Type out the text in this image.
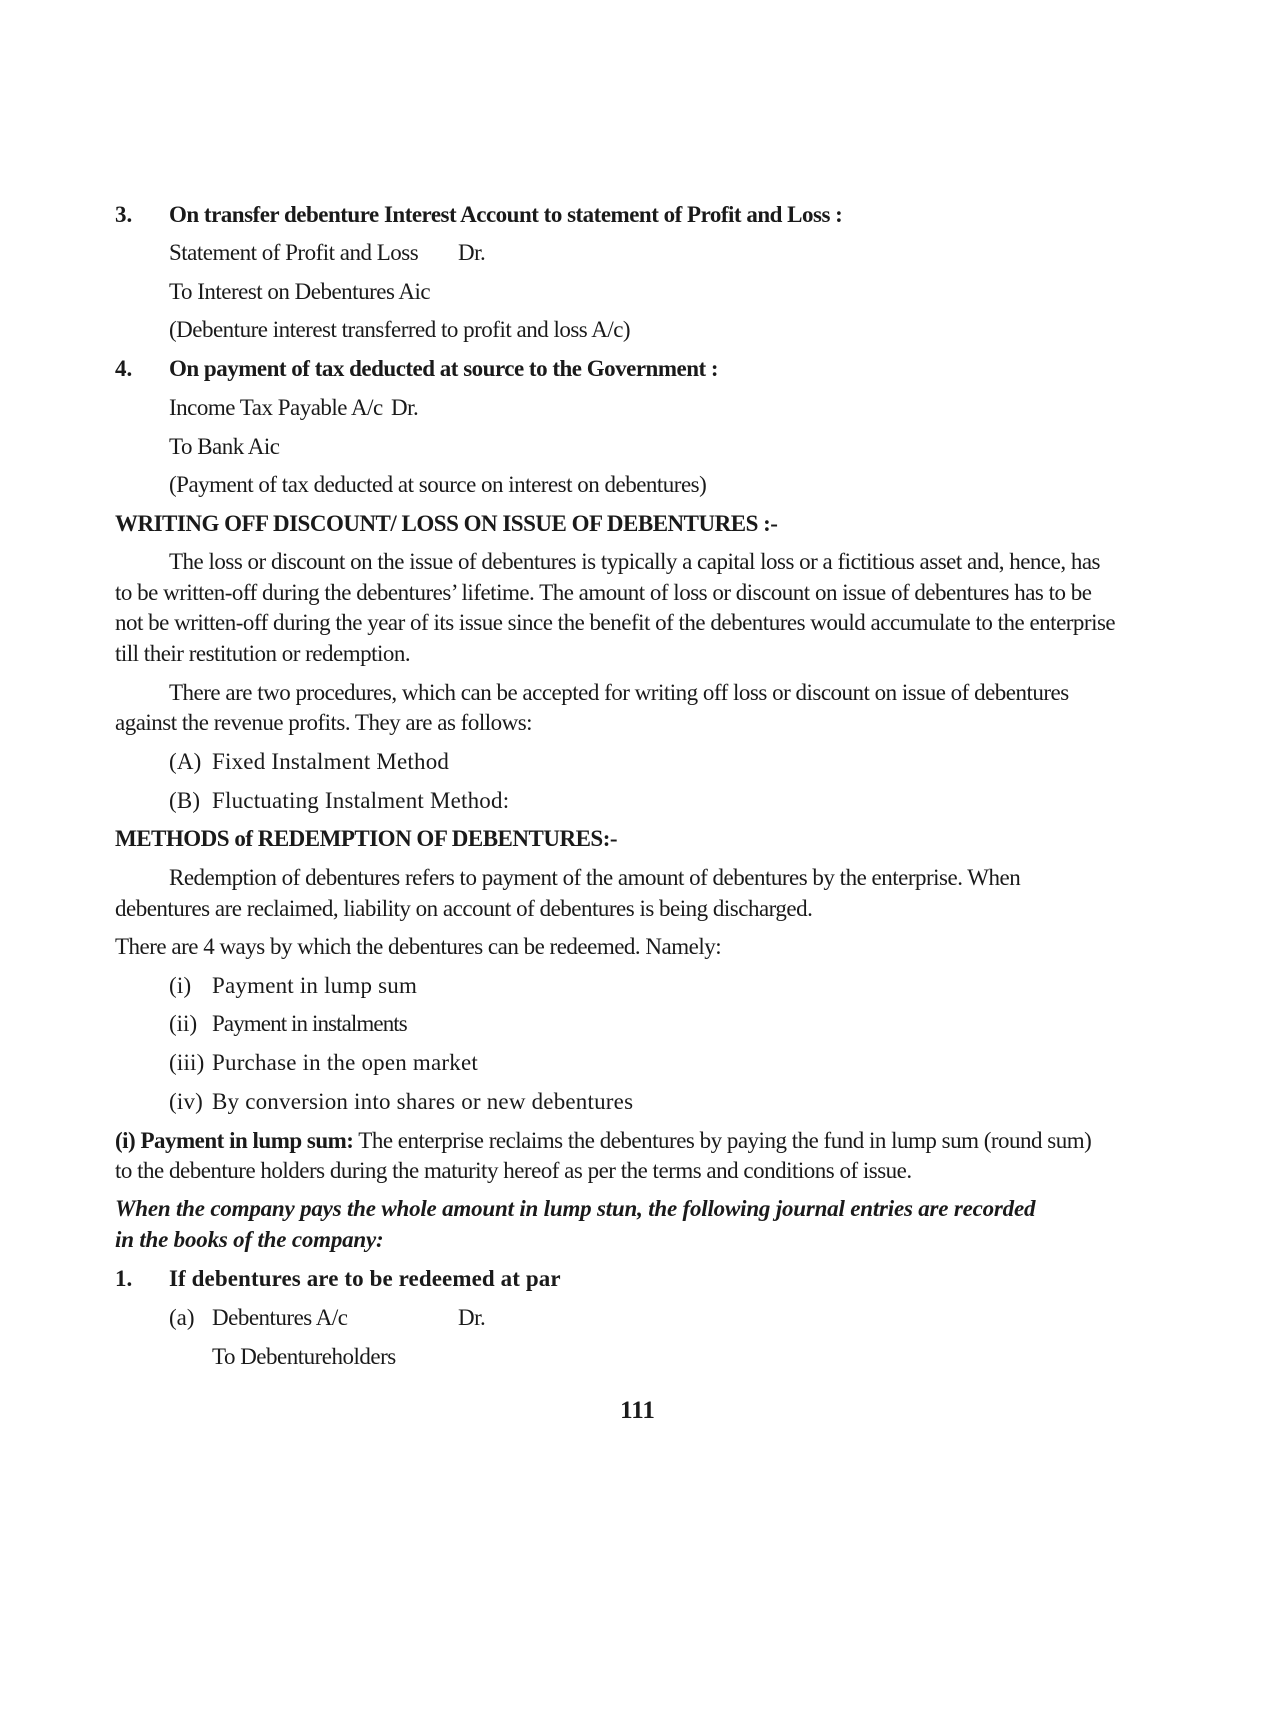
3. On transfer debenture Interest Account to statement of Profit and Loss :
Statement of Profit and Loss Dr.
To Interest on Debentures Aic
(Debenture interest transferred to profit and loss A/c)
4. On payment of tax deducted at source to the Government :
Income Tax Payable A/c Dr.
To Bank Aic
(Payment of tax deducted at source on interest on debentures)
WRITING OFF DISCOUNT/ LOSS ON ISSUE OF DEBENTURES :-
The loss or discount on the issue of debentures is typically a capital loss or a fictitious asset and, hence, has
to be written-off during the debentures’ lifetime. The amount of loss or discount on issue of debentures has to be
not be written-off during the year of its issue since the benefit of the debentures would accumulate to the enterprise
till their restitution or redemption.
There are two procedures, which can be accepted for writing off loss or discount on issue of debentures
against the revenue profits. They are as follows:
(A) Fixed Instalment Method
(B) Fluctuating Instalment Method:
METHODS of REDEMPTION OF DEBENTURES:-
Redemption of debentures refers to payment of the amount of debentures by the enterprise. When
debentures are reclaimed, liability on account of debentures is being discharged.
There are 4 ways by which the debentures can be redeemed. Namely:
(i) Payment in lump sum
(ii) Payment in instalments
(iii) Purchase in the open market
(iv) By conversion into shares or new debentures
(i) Payment in lump sum: The enterprise reclaims the debentures by paying the fund in lump sum (round sum)
to the debenture holders during the maturity hereof as per the terms and conditions of issue.
When the company pays the whole amount in lump stun, the following journal entries are recorded
in the books of the company:
1. If debentures are to be redeemed at par
(a) Debentures A/c	Dr.
To Debentureholders
111
